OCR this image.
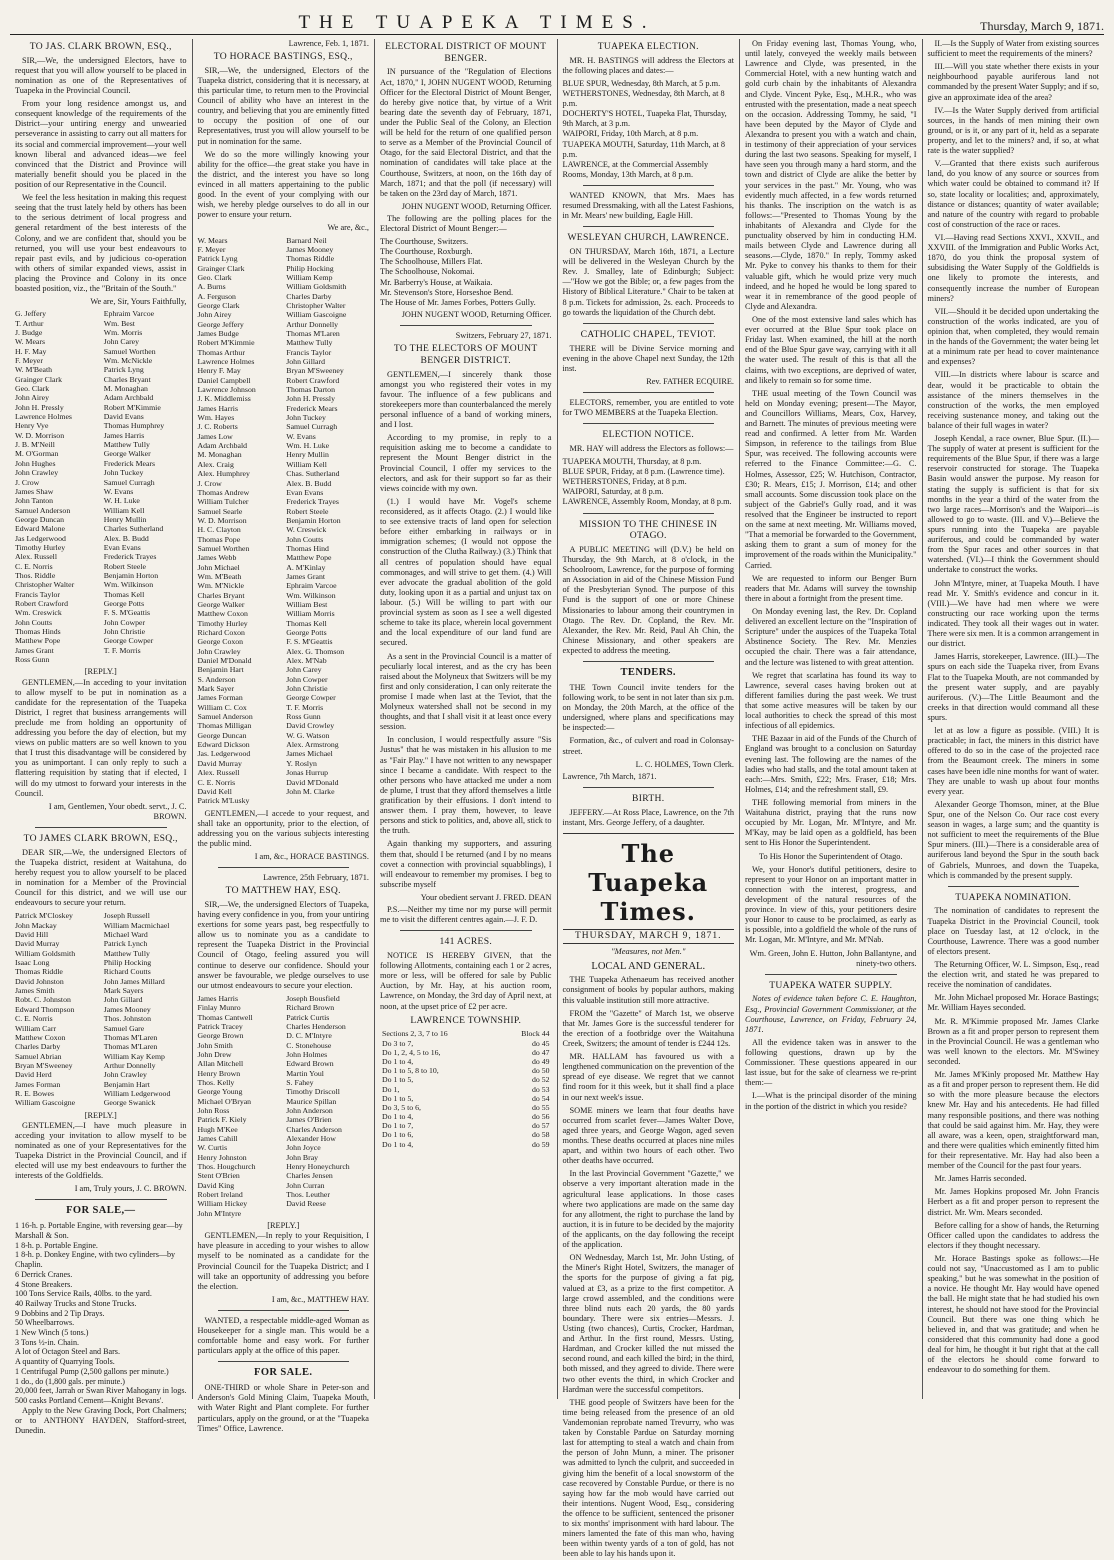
THE TUAPEKA TIMES.	Thursday, March 9, 1871.
TO JAS. CLARK BROWN, ESQ.,

SIR,—We, the undersigned Electors, have to request that you will allow yourself to be placed in nomination as one of the Representatives of Tuapeka in the Provincial Council.

From your long residence amongst us, and consequent knowledge of the requirements of the District—your untiring energy and unwearied perseverance in assisting to carry out all matters for its social and commercial improvement—your well known liberal and advanced ideas—we feel convinced that the District and Province will materially benefit should you be placed in the position of our Representative in the Council.

We feel the less hesitation in making this request seeing that the trust lately held by others has been to the serious detriment of local progress and general retardment of the best interests of the Colony, and we are confident that, should you be returned, you will use your best endeavours to repair past evils, and by judicious co-operation with others of similar expanded views, assist in placing the Province and Colony in its once boasted position, viz., the "Britain of the South."

We are, Sir, Yours Faithfully,
G. Jeffery	Ephraim Varcoe
T. Arthur	Wm. Best
J. Budge	Wm. Morris
W. Mears	John Carey
H. F. May	Samuel Worthen
F. Meyer	Wm. McNickle
W. M'Beath	Patrick Lyng
Grainger Clark	Charles Bryant
Geo. Clark	M. Monaghan
John Airey	Adam Archbald
John H. Pressly	Robert M'Kimmie
Lawrence Holmes	David Evans
Henry Vye	Thomas Humphrey
W. D. Morrison	James Harris
J. B. M'Neill	Matthew Tully
M. O'Gorman	George Walker
John Hughes	Frederick Mears
John Crawley	John Tuckey
J. Crow	Samuel Curragh
James Shaw	W. Evans
John Tanton	W. H. Luke
Samuel Anderson	William Kell
George Duncan	Henry Mullin
Edward Malone	Charles Sutherland
Jas Ledgerwood	Alex. B. Budd
Timothy Hurley	Evan Evans
Alex. Russell	Frederick Trayes
C. E. Norris	Robert Steele
Thos. Riddle	Benjamin Horton
Christopher Walter	Wm. Wilkinson
Francis Taylor	Thomas Kell
Robert Crawford	George Potts
Wm. Creswick	F. S. M'Geattis
John Coutts	John Cowper
Thomas Hinds	John Christie
Matthew Pope	George Cowper
James Grant	T. F. Morris
Ross Gunn
[REPLY.]

GENTLEMEN,—In acceding to your invitation to allow myself to be put in nomination as a candidate for the representation of the Tuapeka District, I regret that business arrangements will preclude me from holding an opportunity of addressing you before the day of election, but my views on public matters are so well known to you that I trust this disadvantage will be considered by you as unimportant. I can only reply to such a flattering requisition by stating that if elected, I will do my utmost to forward your interests in the Council.

I am, Gentlemen, Your obedt. servt., J. C. BROWN.
TO JAMES CLARK BROWN, ESQ.,

DEAR SIR,—We, the undersigned Electors of the Tuapeka district, resident at Waitahuna, do hereby request you to allow yourself to be placed in nomination for a Member of the Provincial Council for this district, and we will use our endeavours to secure your return.

Patrick M'Closkey	Joseph Russell
John Mackay	William Macmichael
David Hill	Michael Ward
David Murray	Patrick Lynch
William Goldsmith	Matthew Tully
Isaac Long	Philip Hocking
Thomas Riddle	Richard Coutts
David Johnston	John James Millard
James Smith	Mark Sayers
Robt. C. Johnston	John Gillard
Edward Thompson	James Mooney
C. E. Norris	Thos. Johnston
William Carr	Samuel Gare
Matthew Coxon	Thomas M'Laren
Charles Darby	Thomas M'Laren
Samuel Abrian	William Kay Kemp
Bryan M'Sweeney	Arthur Donnelly
David Herd	John Crawley
James Forman	Benjamin Hart
R. E. Bowes	William Ledgerwood
William Gascoigne	George Swanick
[REPLY.]

GENTLEMEN,—I have much pleasure in acceding your invitation to allow myself to be nominated as one of your Representatives for the Tuapeka District in the Provincial Council, and if elected will use my best endeavours to further the interests of the Goldfields.

I am, Truly yours, J. C. BROWN.
FOR SALE,—
1 16-h. p. Portable Engine, with reversing gear—by Marshall & Son.
1 8-h. p. Portable Engine.
1 8-h. p. Donkey Engine, with two cylinders—by Chaplin.
6 Derrick Cranes.
4 Stone Breakers.
100 Tons Service Rails, 40lbs. to the yard.
40 Railway Trucks and Stone Trucks.
9 Dobbins and 2 Tip Drays.
50 Wheelbarrows.
1 New Winch (5 tons.)
3 Tons ½-in. Chain.
A lot of Octagon Steel and Bars.
A quantity of Quarrying Tools.
1 Centrifugal Pump (2,500 gallons per minute.)
1 do., do (1,800 gals. per minute.)
20,000 feet, Jarrah or Swan River Mahogany in logs.
500 casks Portland Cement—Knight Bevans'.

Apply to the New Graving Dock, Port Chalmers; or to ANTHONY HAYDEN, Stafford-street, Dunedin.

Lawrence, Feb. 1, 1871.
TO HORACE BASTINGS, ESQ.,

SIR,—We, the undersigned, Electors of the Tuapeka district, considering that it is necessary, at this particular time, to return men to the Provincial Council of ability who have an interest in the country, and believing that you are eminently fitted to occupy the position of one of our Representatives, trust you will allow yourself to be put in nomination for the same.

We do so the more willingly knowing your ability for the office—the great stake you have in the district, and the interest you have so long evinced in all matters appertaining to the public good. In the event of your complying with our wish, we hereby pledge ourselves to do all in our power to ensure your return.

We are, &c.,
W. Mears	Barnard Neil
F. Meyer	James Mooney
Patrick Lyng	Thomas Riddle
Grainger Clark	Philip Hocking
Geo. Clark	William Kemp
A. Burns	William Goldsmith
A. Ferguson	Charles Darby
George Clark	Christopher Walter
John Airey	William Gascoigne
George Jeffery	Arthur Donnelly
James Budge	Thomas M'Laren
Robert M'Kimmie	Matthew Tully
Thomas Arthur	Francis Taylor
Lawrence Holmes	John Gillard
Henry F. May	Bryan M'Sweeney
Daniel Campbell	Robert Crawford
Lawrence Johnson	Thomas Darton
J. K. Middlemiss	John H. Pressly
James Harris	Frederick Mears
Wm. Hayes	John Tuckey
J. C. Roberts	Samuel Curragh
James Low	W. Evans
Adam Archbald	Wm. H. Luke
M. Monaghan	Henry Mullin
Alex. Craig	William Kell
Alex. Humphrey	Chas. Sutherland
J. Crow	Alex. B. Budd
Thomas Andrew	Evan Evans
William Tulcher	Frederick Trayes
Samuel Searle	Robert Steele
W. D. Morrison	Benjamin Horton
H. C. Clayton	W. Creswick
Thomas Pope	John Coutts
Samuel Worthen	Thomas Hind
James Webb	Matthew Pope
John Michael	A. M'Kinlay
Wm. M'Beath	James Grant
Wm. M'Nickle	Ephraim Varcoe
Charles Bryant	Wm. Wilkinson
George Walker	William Best
Matthew Coxon	William Morris
Timothy Hurley	Thomas Kell
Richard Coxon	George Potts
George Coxon	F. S. M'Geattis
John Crawley	Alex. G. Thomson
Daniel M'Donald	Alex. M'Nab
Benjamin Hart	John Carey
S. Anderson	John Cowper
Mark Sayer	John Christie
James Forman	George Cowper
William C. Cox	T. F. Morris
Samuel Anderson	Ross Gunn
Thomas Milligan	David Crowley
George Duncan	W. G. Watson
Edward Dickson	Alex. Armstrong
Jas. Ledgerwood	James Michael
David Murray	Y. Roslyn
Alex. Russell	Jonas Hurrup
C. E. Norris	David M'Donald
David Kell	John M. Clarke
Patrick M'Lusky

GENTLEMEN,—I accede to your request, and shall take an opportunity, prior to the election, of addressing you on the various subjects interesting the public mind.

I am, &c., HORACE BASTINGS.
Lawrence, 25th February, 1871.
TO MATTHEW HAY, ESQ.

SIR,—We, the undersigned Electors of Tuapeka, having every confidence in you, from your untiring exertions for some years past, beg respectfully to allow us to nominate you as a candidate to represent the Tuapeka District in the Provincial Council of Otago, feeling assured you will continue to deserve our confidence. Should your answer be favourable, we pledge ourselves to use our utmost endeavours to secure your election.

James Harris	Joseph Bousfield
Finlay Munro	Richard Brown
Thomas Cantwell	Patrick Curtis
Patrick Tracey	Charles Henderson
George Brown	D. C. M'Intyre
John Smith	C. Stonehouse
John Drew	John Holmes
Allan Mitchell	Edward Brown
Henry Brown	Martin Youl
Thos. Kelly	S. Fahey
George Young	Timothy Driscoll
Michael O'Bryan	Maurice Spillan
John Ross	John Anderson
Patrick F. Kiely	James O'Brien
Hugh M'Kee	Charles Anderson
James Cahill	Alexander How
W. Curtis	John Joyce
Henry Johnston	John Bray
Thos. Hougchurch	Henry Honeychurch
Stent O'Brien	Charles Jensen
David King	John Curran
Robert Ireland	Thos. Leuther
William Hickey	David Reese
John M'Intyre
[REPLY.]

GENTLEMEN,—In reply to your Requisition, I have pleasure in acceding to your wishes to allow myself to be nominated as a candidate for the Provincial Council for the Tuapeka District; and I will take an opportunity of addressing you before the election.

I am, &c., MATTHEW HAY.

WANTED, a respectable middle-aged Woman as Housekeeper for a single man. This would be a comfortable home and easy work. For further particulars apply at the office of this paper.

FOR SALE.

ONE-THIRD or whole Share in Peter-son and Anderson's Gold Mining Claim, Tuapeka Mouth, with Water Right and Plant complete. For further particulars, apply on the ground, or at the "Tuapeka Times" Office, Lawrence.

ELECTORAL DISTRICT OF MOUNT BENGER.

IN pursuance of the "Regulation of Elections Act, 1870," I, JOHN NUGENT WOOD, Returning Officer for the Electoral District of Mount Benger, do hereby give notice that, by virtue of a Writ bearing date the seventh day of February, 1871, under the Public Seal of the Colony, an Election will be held for the return of one qualified person to serve as a Member of the Provincial Council of Otago, for the said Electoral District, and that the nomination of candidates will take place at the Courthouse, Switzers, at noon, on the 16th day of March, 1871; and that the poll (if necessary) will be taken on the 23rd day of March, 1871.

JOHN NUGENT WOOD, Returning Officer.

The following are the polling places for the Electoral District of Mount Benger:—

The Courthouse, Switzers.
The Courthouse, Roxburgh.
The Schoolhouse, Millers Flat.
The Schoolhouse, Nokomai.
Mr. Barberry's House, at Waikaia.
Mr. Stevenson's Store, Horseshoe Bend.
The House of Mr. James Forbes, Potters Gully.
JOHN NUGENT WOOD, Returning Officer.
Switzers, February 27, 1871.
TO THE ELECTORS OF MOUNT BENGER DISTRICT.

GENTLEMEN,—I sincerely thank those amongst you who registered their votes in my favour. The influence of a few publicans and storekeepers more than counterbalanced the merely personal influence of a band of working miners, and I lost.

According to my promise, in reply to a requisition asking me to become a candidate to represent the Mount Benger district in the Provincial Council, I offer my services to the electors, and ask for their support so far as their views coincide with my own.

(1.) I would have Mr. Vogel's scheme reconsidered, as it affects Otago. (2.) I would like to see extensive tracts of land open for selection before either embarking in railways or in immigration schemes; (I would not oppose the construction of the Clutha Railway.) (3.) Think that all centres of population should have equal commonages, and will strive to get them. (4.) Will ever advocate the gradual abolition of the gold duty, looking upon it as a partial and unjust tax on labour. (5.) Will be willing to part with our provincial system as soon as I see a well digested scheme to take its place, wherein local government and the local expenditure of our land fund are secured.

As a sent in the Provincial Council is a matter of peculiarly local interest, and as the cry has been raised about the Molyneux that Switzers will be my first and only consideration, I can only reiterate the promise I made when last at the Teviot, that the Molyneux watershed shall not be second in my thoughts, and that I shall visit it at least once every session.

In conclusion, I would respectfully assure "Sis Justus" that he was mistaken in his allusion to me as "Fair Play." I have not written to any newspaper since I became a candidate. With respect to the other persons who have attacked me under a nom de plume, I trust that they afford themselves a little gratification by their effusions. I don't intend to answer them. I pray them, however, to leave persons and stick to politics, and, above all, stick to the truth.

Again thanking my supporters, and assuring them that, should I be returned (and I by no means covet a connection with provincial squabblings), I will endeavour to remember my promises. I beg to subscribe myself

Your obedient servant J. FRED. DEAN

P.S.—Neither my time nor my purse will permit me to visit the different centres again.—J. F. D.

141 ACRES.

NOTICE IS HEREBY GIVEN, that the following Allotments, containing each 1 or 2 acres, more or less, will be offered for sale by Public Auction, by Mr. Hay, at his auction room, Lawrence, on Monday, the 3rd day of April next, at noon, at the upset price of £2 per acre.

LAWRENCE TOWNSHIP.
Sections 2, 3, 7 to 16	Block 44
Do 3 to 7,	do 45
Do 1, 2, 4, 5 to 16,	do 47
Do 1 to 4,	do 49
Do 1 to 5, 8 to 10,	do 50
Do 1 to 5,	do 52
Do 1,	do 53
Do 1 to 5,	do 54
Do 3, 5 to 6,	do 55
Do 1 to 4,	do 56
Do 1 to 7,	do 57
Do 1 to 6,	do 58
Do 1 to 4,	do 59
TUAPEKA ELECTION.

MR. H. BASTINGS will address the Electors at the following places and dates:—

BLUE SPUR, Wednesday, 8th March, at 5 p.m.
WETHERSTONES, Wednesday, 8th March, at 8 p.m.
DOCHERTY'S HOTEL, Tuapeka Flat, Thursday, 9th March, at 3 p.m.
WAIPORI, Friday, 10th March, at 8 p.m.
TUAPEKA MOUTH, Saturday, 11th March, at 8 p.m.
LAWRENCE, at the Commercial Assembly Rooms, Monday, 13th March, at 8 p.m.

WANTED KNOWN, that Mrs. Maes has resumed Dressmaking, with all the Latest Fashions, in Mr. Mears' new building, Eagle Hill.

WESLEYAN CHURCH, LAWRENCE.

ON THURSDAY, March 16th, 1871, a Lecture will be delivered in the Wesleyan Church by the Rev. J. Smalley, late of Edinburgh; Subject:—"How we got the Bible; or, a few pages from the History of Biblical Literature." Chair to be taken at 8 p.m. Tickets for admission, 2s. each. Proceeds to go towards the liquidation of the Church debt.

CATHOLIC CHAPEL, TEVIOT.

THERE will be Divine Service morning and evening in the above Chapel next Sunday, the 12th inst.

Rev. FATHER ECQUIRE.

ELECTORS, remember, you are entitled to vote for TWO MEMBERS at the Tuapeka Election.

ELECTION NOTICE.

MR. HAY will address the Electors as follows:—

TUAPEKA MOUTH, Thursday, at 8 p.m.
BLUE SPUR, Friday, at 8 p.m. (Lawrence time).
WETHERSTONES, Friday, at 8 p.m.
WAIPORI, Saturday, at 8 p.m.
LAWRENCE, Assembly Room, Monday, at 8 p.m.
MISSION TO THE CHINESE IN OTAGO.

A PUBLIC MEETING will (D.V.) be held on Thursday, the 9th March, at 8 o'clock, in the Schoolroom, Lawrence, for the purpose of forming an Association in aid of the Chinese Mission Fund of the Presbyterian Synod. The purpose of this Fund is the support of one or more Chinese Missionaries to labour among their countrymen in Otago. The Rev. Dr. Copland, the Rev. Mr. Alexander, the Rev. Mr. Reid, Paul Ah Chin, the Chinese Missionary, and other speakers are expected to address the meeting.

TENDERS.

THE Town Council invite tenders for the following work, to be sent in not later than six p.m. on Monday, the 20th March, at the office of the undersigned, where plans and specifications may be inspected:—

Formation, &c., of culvert and road in Colonsay-street.

L. C. HOLMES, Town Clerk.
Lawrence, 7th March, 1871.
BIRTH.

JEFFERY.—At Ross Place, Lawrence, on the 7th instant, Mrs. George Jeffery, of a daughter.

The Tuapeka Times.
THURSDAY, MARCH 9, 1871.
"Measures, not Men."
LOCAL AND GENERAL.

THE Tuapeka Athenaeum has received another consignment of books by popular authors, making this valuable institution still more attractive.

FROM the "Gazette" of March 1st, we observe that Mr. James Gore is the successful tenderer for the erection of a footbridge over the Waitahuna Creek, Switzers; the amount of tender is £244 12s.

MR. HALLAM has favoured us with a lengthened communication on the prevention of the spread of eye disease. We regret that we cannot find room for it this week, but it shall find a place in our next week's issue.

SOME miners we learn that four deaths have occurred from scarlet fever—James Walter Dove, aged three years, and George Wagon, aged seven months. These deaths occurred at places nine miles apart, and within two hours of each other. Two other deaths have occurred.

In the last Provincial Government "Gazette," we observe a very important alteration made in the agricultural lease applications. In those cases where two applications are made on the same day for any allotment, the right to purchase the land by auction, it is in future to be decided by the majority of the applicants, on the day following the receipt of the application.

ON Wednesday, March 1st, Mr. John Usting, of the Miner's Right Hotel, Switzers, the manager of the sports for the purpose of giving a fat pig, valued at £3, as a prize to the first competitor. A large crowd assembled, and the conditions were three blind nuts each 20 yards, the 80 yards boundary. There were six entries—Messrs. J. Usting (two chances), Curtis, Crocker, Hardman, and Arthur. In the first round, Messrs. Usting, Hardman, and Crocker killed the nut missed the second round, and each killed the bird; in the third, both missed, and they agreed to divide. There were two other events the third, in which Crocker and Hardman were the successful competitors.

THE good people of Switzers have been for the time being released from the presence of an old Vandemonian reprobate named Trevurry, who was taken by Constable Pardue on Saturday morning last for attempting to steal a watch and chain from the person of John Munn, a miner. The prisoner was admitted to lynch the culprit, and succeeded in giving him the benefit of a local snowstorm of the case recovered by Constable Purdue, or there is no saying how far the mob would have carried out their intentions. Nugent Wood, Esq., considering the offence to be sufficient, sentenced the prisoner to six months' imprisonment with hard labour. The miners lamented the fate of this man who, having been within twenty yards of a ton of gold, has not been able to lay his hands upon it.

On Friday evening last, Thomas Young, who, until lately, conveyed the weekly mails between Lawrence and Clyde, was presented, in the Commercial Hotel, with a new hunting watch and gold curb chain by the inhabitants of Alexandra and Clyde. Vincent Pyke, Esq., M.H.R., who was entrusted with the presentation, made a neat speech on the occasion. Addressing Tommy, he said, "I have been deputed by the Mayor of Clyde and Alexandra to present you with a watch and chain, in testimony of their appreciation of your services during the last two seasons. Speaking for myself, I have seen you through many a hard storm, and the town and district of Clyde are alike the better by your services in the past." Mr. Young, who was evidently much affected, in a few words returned his thanks. The inscription on the watch is as follows:—"Presented to Thomas Young by the inhabitants of Alexandra and Clyde for the punctuality observed by him in conducting H.M. mails between Clyde and Lawrence during all seasons.—Clyde, 1870." In reply, Tommy asked Mr. Pyke to convey his thanks to them for their valuable gift, which he would prize very much indeed, and he hoped he would be long spared to wear it in remembrance of the good people of Clyde and Alexandra.

One of the most extensive land sales which has ever occurred at the Blue Spur took place on Friday last. When examined, the hill at the north end of the Blue Spur gave way, carrying with it all the water used. The result of this is that all the claims, with two exceptions, are deprived of water, and likely to remain so for some time.

THE usual meeting of the Town Council was held on Monday evening; present—The Mayor, and Councillors Williams, Mears, Cox, Harvey, and Barnett. The minutes of previous meeting were read and confirmed. A letter from Mr. Warden Simpson, in reference to the tailings from Blue Spur, was received. The following accounts were referred to the Finance Committee:—G. C. Holmes, Assessor, £25; W. Hutchison, Contractor, £30; R. Mears, £15; J. Morrison, £14; and other small accounts. Some discussion took place on the subject of the Gabriel's Gully road, and it was resolved that the Engineer be instructed to report on the same at next meeting. Mr. Williams moved, "That a memorial be forwarded to the Government, asking them to grant a sum of money for the improvement of the roads within the Municipality." Carried.

We are requested to inform our Benger Burn readers that Mr. Adams will survey the township there in about a fortnight from the present time.

On Monday evening last, the Rev. Dr. Copland delivered an excellent lecture on the "Inspiration of Scripture" under the auspices of the Tuapeka Total Abstinence Society. The Rev. Mr. Menzies occupied the chair. There was a fair attendance, and the lecture was listened to with great attention.

We regret that scarlatina has found its way to Lawrence, several cases having broken out at different families during the past week. We trust that some active measures will be taken by our local authorities to check the spread of this most infectious of all epidemics.

THE Bazaar in aid of the Funds of the Church of England was brought to a conclusion on Saturday evening last. The following are the names of the ladies who had stalls, and the total amount taken at each:—Mrs. Smith, £22; Mrs. Fraser, £18; Mrs. Holmes, £14; and the refreshment stall, £9.

THE following memorial from miners in the Waitahuna district, praying that the runs now occupied by Mr. Logan, Mr. M'Intyre, and Mr. M'Kay, may be laid open as a goldfield, has been sent to His Honor the Superintendent.

To His Honor the Superintendent of Otago.

We, your Honor's dutiful petitioners, desire to represent to your Honor on an important matter in connection with the interest, progress, and development of the natural resources of the province. In view of this, your petitioners desire your Honor to cause to be proclaimed, as early as is possible, into a goldfield the whole of the runs of Mr. Logan, Mr. M'Intyre, and Mr. M'Nab.

Wm. Green, John E. Hutton, John Ballantyne, and ninety-two others.
TUAPEKA WATER SUPPLY.

Notes of evidence taken before C. E. Haughton, Esq., Provincial Government Commissioner, at the Courthouse, Lawrence, on Friday, February 24, 1871.

All the evidence taken was in answer to the following questions, drawn up by the Commissioner. These questions appeared in our last issue, but for the sake of clearness we re-print them:—

I.—What is the principal disorder of the mining in the portion of the district in which you reside?

II.—Is the Supply of Water from existing sources sufficient to meet the requirements of the miners?

III.—Will you state whether there exists in your neighbourhood payable auriferous land not commanded by the present Water Supply; and if so, give an approximate idea of the area?

IV.—Is the Water Supply derived from artificial sources, in the hands of men mining their own ground, or is it, or any part of it, held as a separate property, and let to the miners? and, if so, at what rate is the water supplied?

V.—Granted that there exists such auriferous land, do you know of any source or sources from which water could be obtained to command it? If so, state locality or localities; and, approximately, distance or distances; quantity of water available; and nature of the country with regard to probable cost of construction of the race or races.

VI.—Having read Sections XXVI., XXVII., and XXVIII. of the Immigration and Public Works Act, 1870, do you think the proposal system of subsidising the Water Supply of the Goldfields is one likely to promote the interests, and consequently increase the number of European miners?

VII.—Should it be decided upon undertaking the construction of the works indicated, are you of opinion that, when completed, they would remain in the hands of the Government; the water being let at a minimum rate per head to cover maintenance and expenses?

VIII.—In districts where labour is scarce and dear, would it be practicable to obtain the assistance of the miners themselves in the construction of the works, the men employed receiving sustenance money, and taking out the balance of their full wages in water?

Joseph Kendal, a race owner, Blue Spur. (II.)—The supply of water at present is sufficient for the requirements of the Blue Spur, if there was a large reservoir constructed for storage. The Tuapeka Basin would answer the purpose. My reason for stating the supply is sufficient is that for six months in the year a third of the water from the two large races—Morrison's and the Waipori—is allowed to go to waste. (III. and V.)—Believe the spurs running into the Tuapeka are payable auriferous, and could be commanded by water from the Spur races and other sources in that watershed. (VI.)—I think the Government should undertake to construct the works.

John M'Intyre, miner, at Tuapeka Mouth. I have read Mr. Y. Smith's evidence and concur in it. (VIII.)—We have had men where we were constructing our race working upon the terms indicated. They took all their wages out in water. There were six men. It is a common arrangement in our district.

James Harris, storekeeper, Lawrence. (III.)—The spurs on each side the Tuapeka river, from Evans Flat to the Tuapeka Mouth, are not commanded by the present water supply, and are payably auriferous. (V.)—The Little Beaumont and the creeks in that direction would command all these spurs.

let at as low a figure as possible. (VIII.) It is practicable; in fact, the miners in this district have offered to do so in the case of the projected race from the Beaumont creek. The miners in some cases have been idle nine months for want of water. They are unable to wash up about four months every year.

Alexander George Thomson, miner, at the Blue Spur, one of the Nelson Co. Our race cost every season in wages, a large sum; and the quantity is not sufficient to meet the requirements of the Blue Spur miners. (III.)—There is a considerable area of auriferous land beyond the Spur in the south back of Gabriels, Munroes, and down the Tuapeka, which is commanded by the present supply.

TUAPEKA NOMINATION.

The nomination of candidates to represent the Tuapeka District in the Provincial Council, took place on Tuesday last, at 12 o'clock, in the Courthouse, Lawrence. There was a good number of electors present.

The Returning Officer, W. L. Simpson, Esq., read the election writ, and stated he was prepared to receive the nomination of candidates.

Mr. John Michael proposed Mr. Horace Bastings; Mr. William Hayes seconded.

Mr. R. M'Kimmie proposed Mr. James Clarke Brown as a fit and proper person to represent them in the Provincial Council. He was a gentleman who was well known to the electors. Mr. M'Swiney seconded.

Mr. James M'Kinly proposed Mr. Matthew Hay as a fit and proper person to represent them. He did so with the more pleasure because the electors knew Mr. Hay and his antecedents. He had filled many responsible positions, and there was nothing that could be said against him. Mr. Hay, they were all aware, was a keen, open, straightforward man, and there were qualities which eminently fitted him for their representative. Mr. Hay had also been a member of the Council for the past four years.

Mr. James Harris seconded.

Mr. James Hopkins proposed Mr. John Francis Herbert as a fit and proper person to represent the district. Mr. Wm. Mears seconded.

Before calling for a show of hands, the Returning Officer called upon the candidates to address the electors if they thought necessary.

Mr. Horace Bastings spoke as follows:—He could not say, "Unaccustomed as I am to public speaking," but he was somewhat in the position of a novice. He thought Mr. Hay would have opened the ball. He might state that he had studied his own interest, he should not have stood for the Provincial Council. But there was one thing which he believed in, and that was gratitude; and when he considered that this community had done a good deal for him, he thought it but right that at the call of the electors he should come forward to endeavour to do something for them.
